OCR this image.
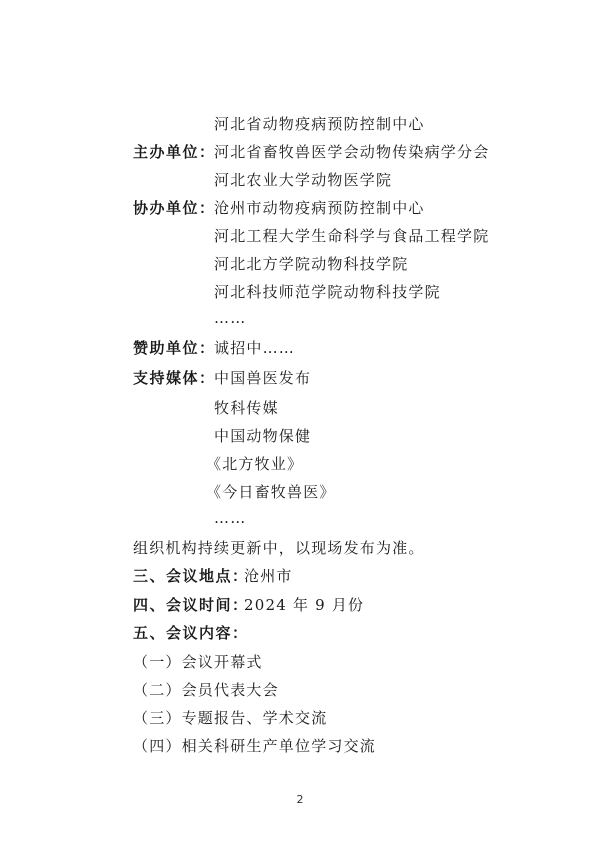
河北省动物疫病预防控制中心
主办单位：
河北省畜牧兽医学会动物传染病学分会
河北农业大学动物医学院
协办单位：
沧州市动物疫病预防控制中心
河北工程大学生命科学与食品工程学院
河北北方学院动物科技学院
河北科技师范学院动物科技学院
……
赞助单位：
诚招中……
支持媒体：
中国兽医发布
牧科传媒
中国动物保健
《北方牧业》
《今日畜牧兽医》
……
组织机构持续更新中，以现场发布为准。
三、会议地点：
沧州市
四、会议时间：
2024 年 9 月份
五、会议内容：
（一）会议开幕式
（二）会员代表大会
（三）专题报告、学术交流
（四）相关科研生产单位学习交流
2
